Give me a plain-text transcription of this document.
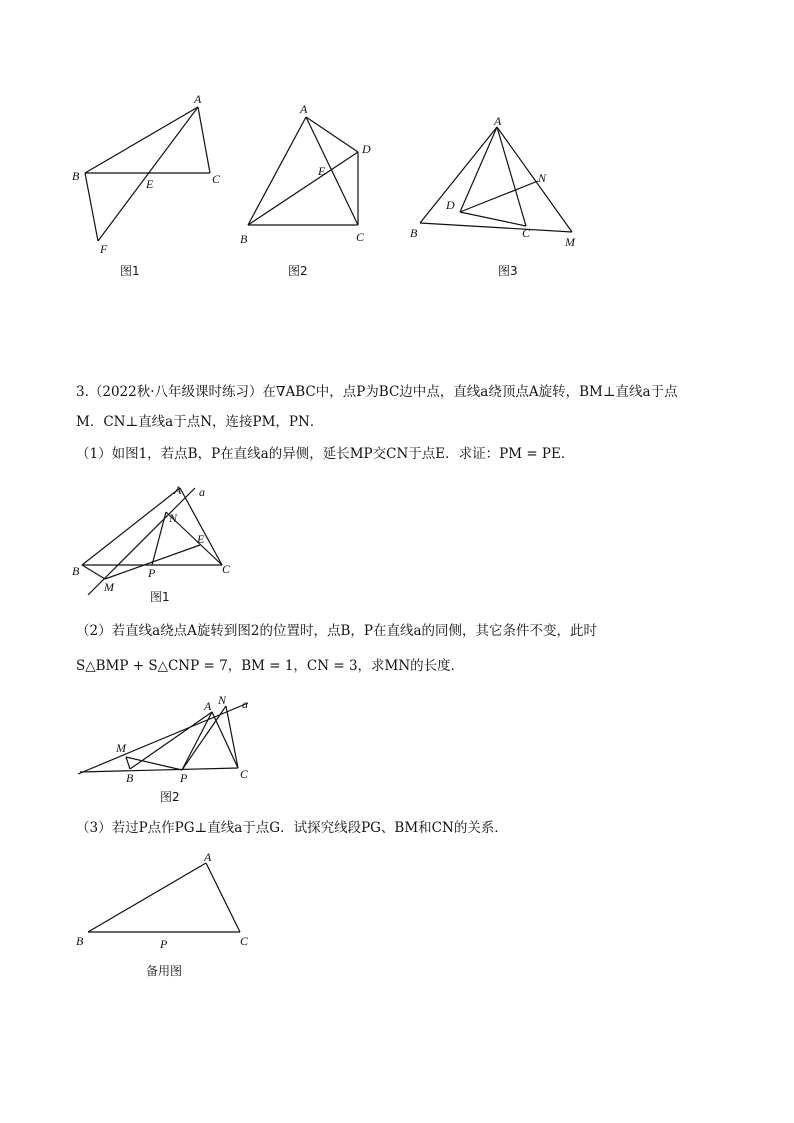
A
B	C
E
F
图1
A
B	C
D
E
图2
A
B	C
D
N
M
图3
3.（2022秋·八年级课时练习）在∇ABC中，点P为BC边中点，直线a绕顶点A旋转，BM⊥直线a于点
M．CN⊥直线a于点N，连接PM，PN．
（1）如图1，若点B，P在直线a的异侧，延长MP交CN于点E．求证：PM = PE．
A a
N
E
B
M
P	C
图1
（2）若直线a绕点A旋转到图2的位置时，点B，P在直线a的同侧，其它条件不变，此时
S△BMP + S△CNP = 7，BM = 1，CN = 3，求MN的长度．
A N a
M
B	P	C
图2
（3）若过P点作PG⊥直线a于点G．试探究线段PG、BM和CN的关系．
A
B	P	C
备用图
